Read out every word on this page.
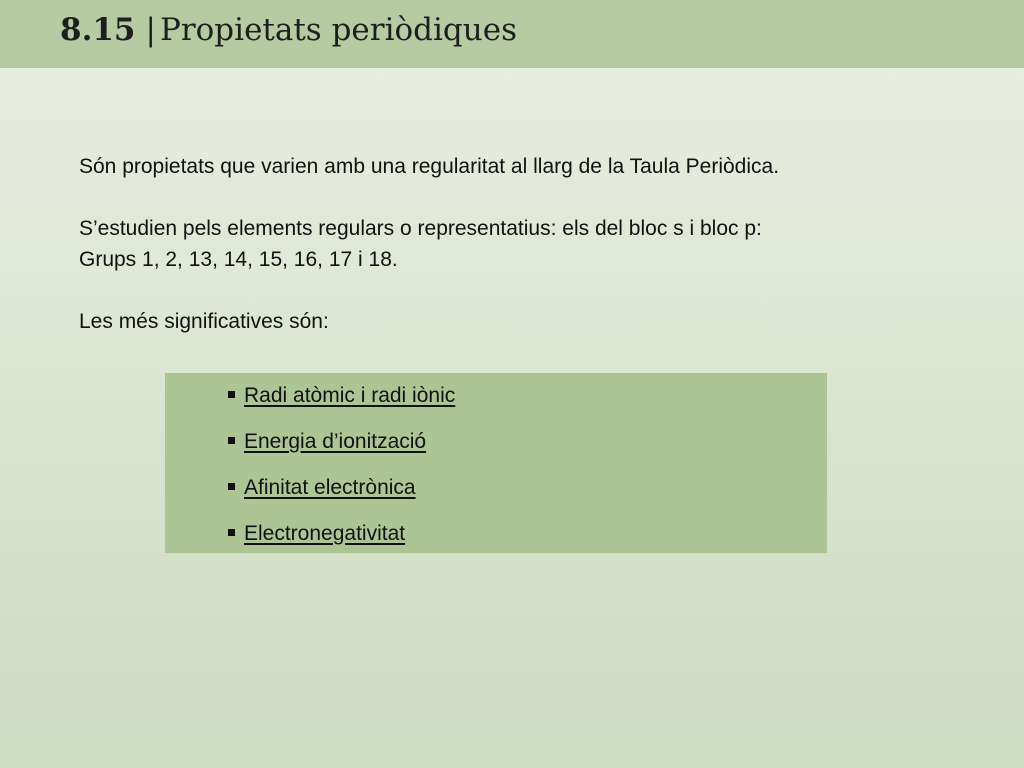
8.15 | Propietats periòdiques

Són propietats que varien amb una regularitat al llarg de la Taula Periòdica.

S’estudien pels elements regulars o representatius: els del bloc s i bloc p:

Grups 1, 2, 13, 14, 15, 16, 17 i 18.

Les més significatives són:

Radi atòmic i radi iònic
Energia d’ionització
Afinitat electrònica
Electronegativitat
